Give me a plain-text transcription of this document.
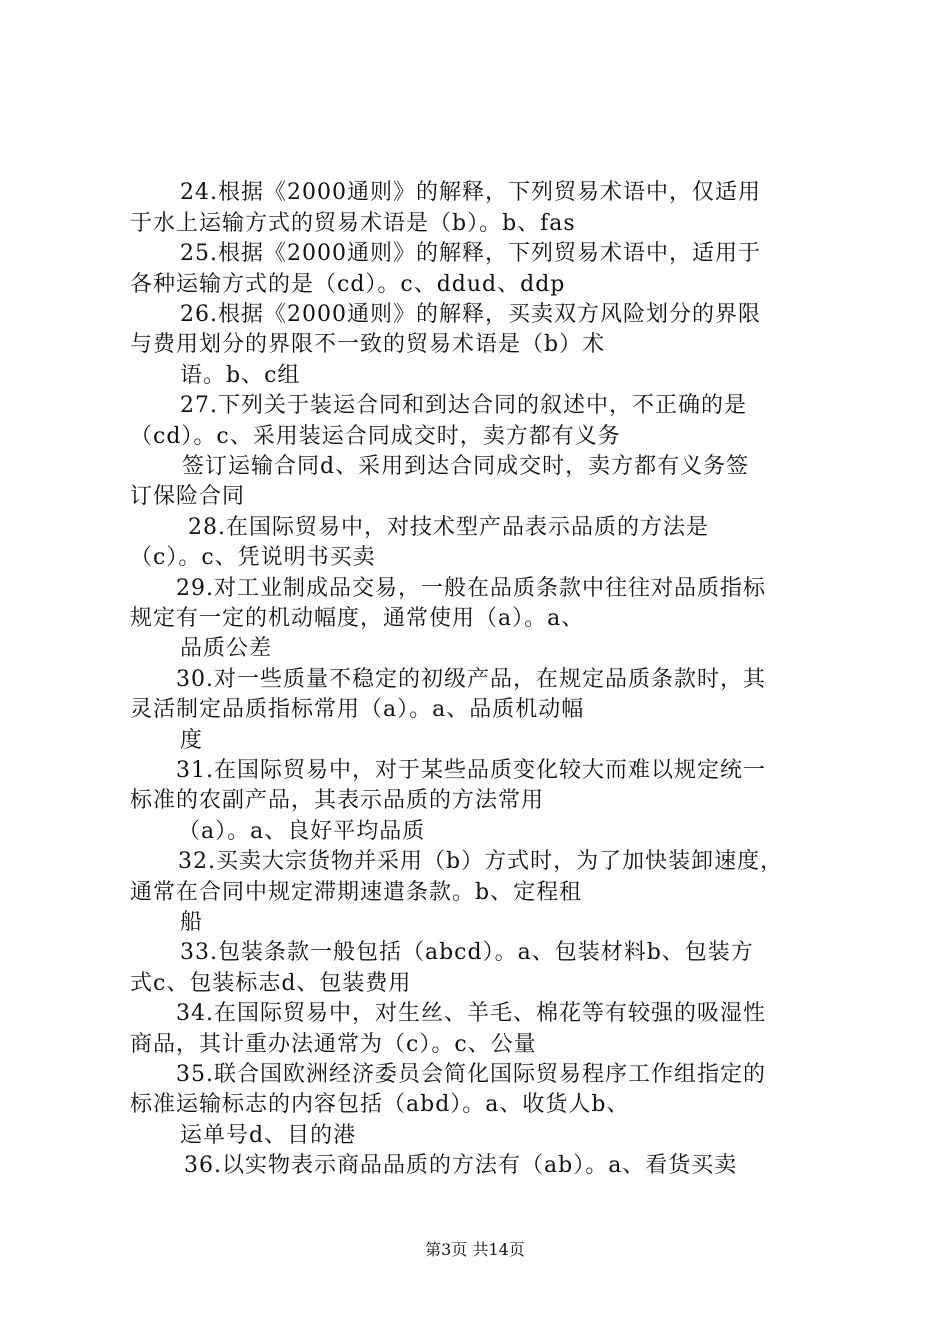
24.根据《2000通则》的解释，下列贸易术语中，仅适用
于水上运输方式的贸易术语是（b）。b、fas
25.根据《2000通则》的解释，下列贸易术语中，适用于
各种运输方式的是（cd）。c、ddud、ddp
26.根据《2000通则》的解释，买卖双方风险划分的界限
与费用划分的界限不一致的贸易术语是（b）术
语。b、c组
27.下列关于装运合同和到达合同的叙述中，不正确的是
（cd）。c、采用装运合同成交时，卖方都有义务
签订运输合同d、采用到达合同成交时，卖方都有义务签
订保险合同
28.在国际贸易中，对技术型产品表示品质的方法是
（c）。c、凭说明书买卖
29.对工业制成品交易，一般在品质条款中往往对品质指标
规定有一定的机动幅度，通常使用（a）。a、
品质公差
30.对一些质量不稳定的初级产品，在规定品质条款时，其
灵活制定品质指标常用（a）。a、品质机动幅
度
31.在国际贸易中，对于某些品质变化较大而难以规定统一
标准的农副产品，其表示品质的方法常用
（a）。a、良好平均品质
32.买卖大宗货物并采用（b）方式时，为了加快装卸速度，
通常在合同中规定滞期速遣条款。b、定程租
船
33.包装条款一般包括（abcd）。a、包装材料b、包装方
式c、包装标志d、包装费用
34.在国际贸易中，对生丝、羊毛、棉花等有较强的吸湿性
商品，其计重办法通常为（c）。c、公量
35.联合国欧洲经济委员会简化国际贸易程序工作组指定的
标准运输标志的内容包括（abd）。a、收货人b、
运单号d、目的港
36.以实物表示商品品质的方法有（ab）。a、看货买卖
第3页 共14页
